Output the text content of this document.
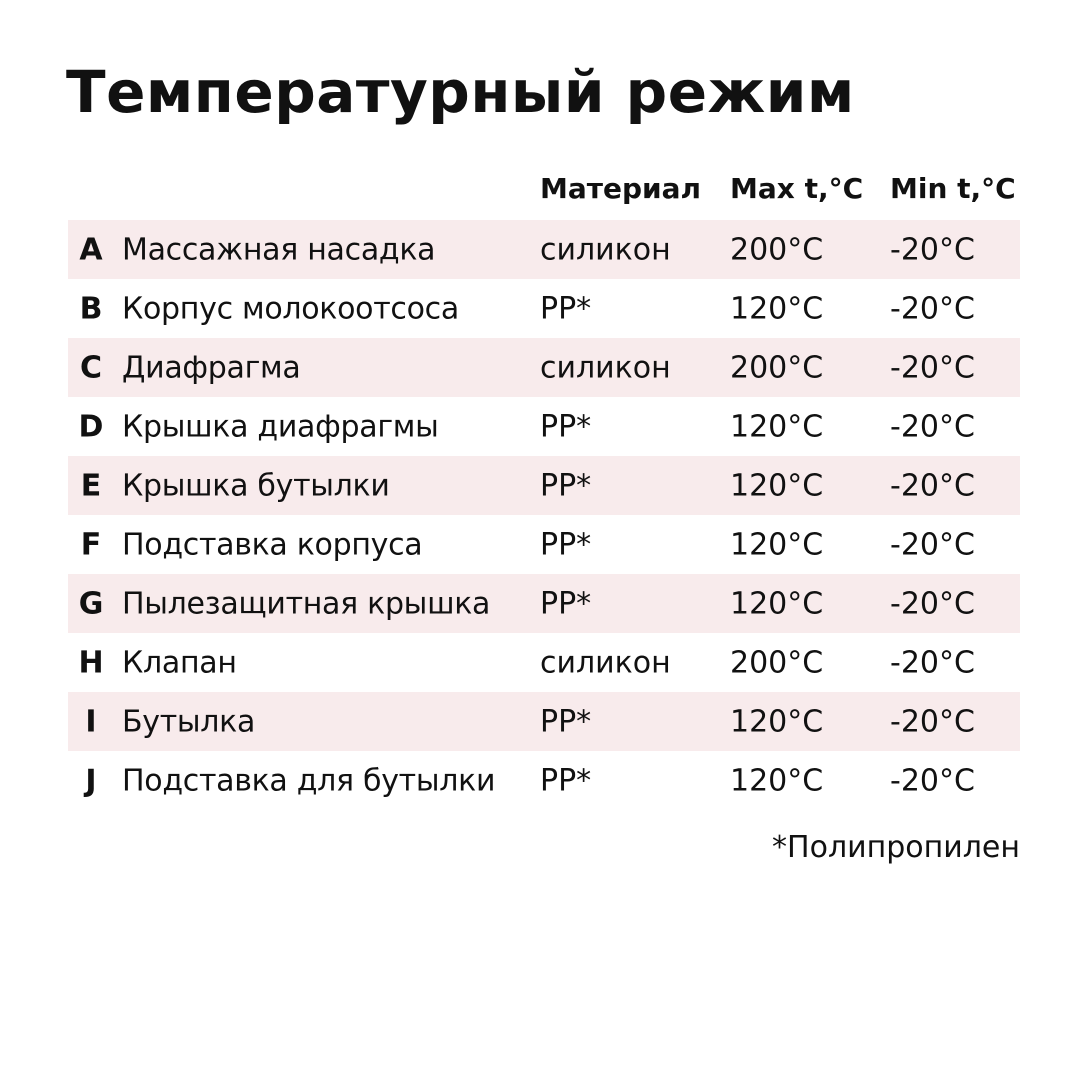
Температурный режим
Материал Max t,°C Min t,°C
A Массажная насадка	силикон 200°C -20°C
B Корпус молокоотсоса	PP*	120°C -20°C
C Диафрагма	силикон 200°C -20°C
D Крышка диафрагмы	PP*	120°C -20°C
E Крышка бутылки	PP*	120°C -20°C
F Подставка корпуса	PP*	120°C -20°C
G Пылезащитная крышка PP*	120°C -20°C
H Клапан	силикон 200°C -20°C
I Бутылка	PP*	120°C -20°C
J Подставка для бутылки PP*	120°C -20°C
*Полипропилен
